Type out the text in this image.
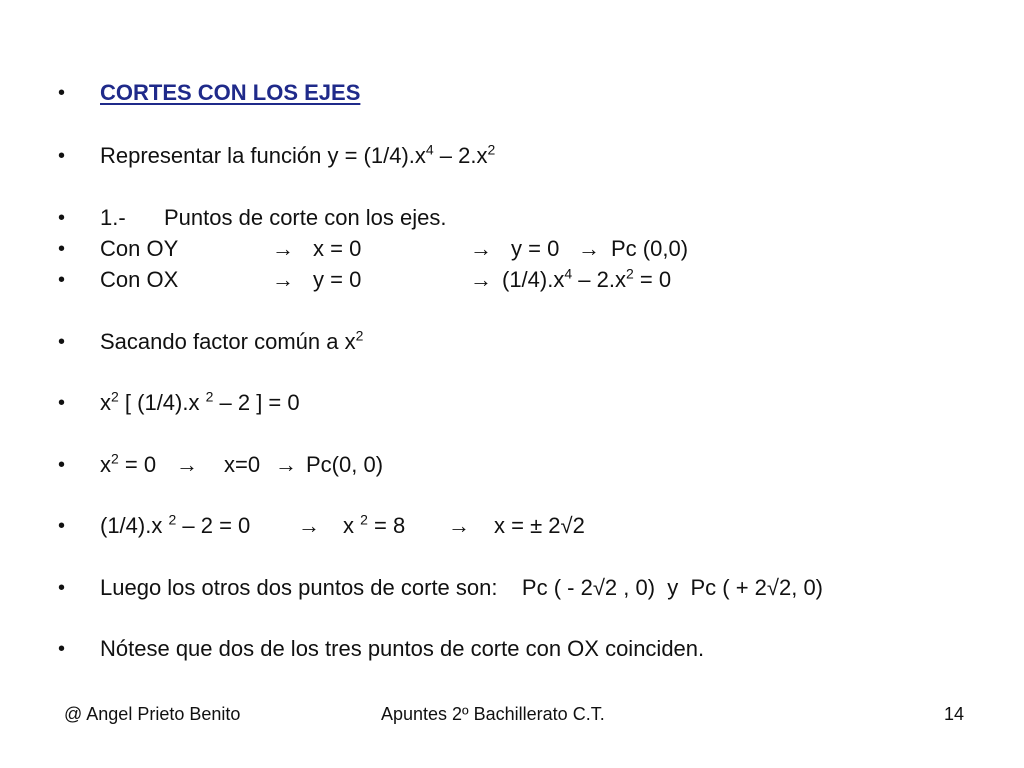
•	CORTES CON LOS EJES
•	Representar la función $y = (1/4).x^4 - 2.x^2$
•	1.- Puntos de corte con los ejes.
•	Con OY	→ x = 0	→ y = 0 → Pc (0,0)
•	Con OX	→ y = 0	→ $(1/4).x^4 - 2.x^2 = 0$
•	Sacando factor común a $x^2$
•	$x^2$ [ (1/4).x $^2$ – 2 ] = 0
•	$x^2 = 0 \to x=0 \to Pc(0$, 0)
•	(1/4).x $^2$ – 2 = 0 → x $^2$ = 8 → x = ± 2√2
•	Luego los otros dos puntos de corte son:    Pc ( - 2√2 , 0)  y  Pc ( + 2√2, 0)
•	Nótese que dos de los tres puntos de corte con OX coinciden.
@ Angel Prieto Benito	Apuntes 2º Bachillerato C.T.	14
